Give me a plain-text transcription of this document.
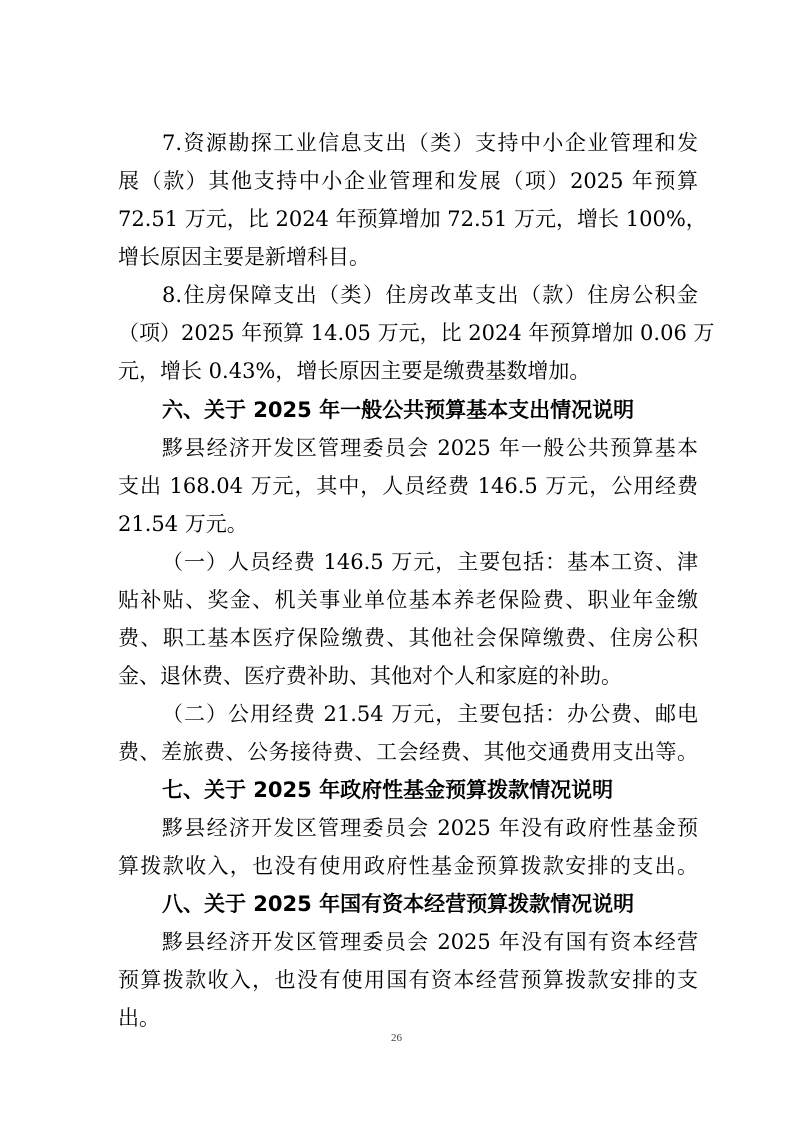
7.资源勘探工业信息支出（类）支持中小企业管理和发
展（款）其他支持中小企业管理和发展（项）2025 年预算
72.51 万元，比 2024 年预算增加 72.51 万元，增长 100%，
增长原因主要是新增科目。
8.住房保障支出（类）住房改革支出（款）住房公积金
（项）2025 年预算 14.05 万元，比 2024 年预算增加 0.06 万
元，增长 0.43%，增长原因主要是缴费基数增加。
六、关于 2025 年一般公共预算基本支出情况说明
黟县经济开发区管理委员会 2025 年一般公共预算基本
支出 168.04 万元，其中，人员经费 146.5 万元，公用经费
21.54 万元。
（一）人员经费 146.5 万元，主要包括：基本工资、津
贴补贴、奖金、机关事业单位基本养老保险费、职业年金缴
费、职工基本医疗保险缴费、其他社会保障缴费、住房公积
金、退休费、医疗费补助、其他对个人和家庭的补助。
（二）公用经费 21.54 万元，主要包括：办公费、邮电
费、差旅费、公务接待费、工会经费、其他交通费用支出等。
七、关于 2025 年政府性基金预算拨款情况说明
黟县经济开发区管理委员会 2025 年没有政府性基金预
算拨款收入，也没有使用政府性基金预算拨款安排的支出。
八、关于 2025 年国有资本经营预算拨款情况说明
黟县经济开发区管理委员会 2025 年没有国有资本经营
预算拨款收入，也没有使用国有资本经营预算拨款安排的支
出。
26
